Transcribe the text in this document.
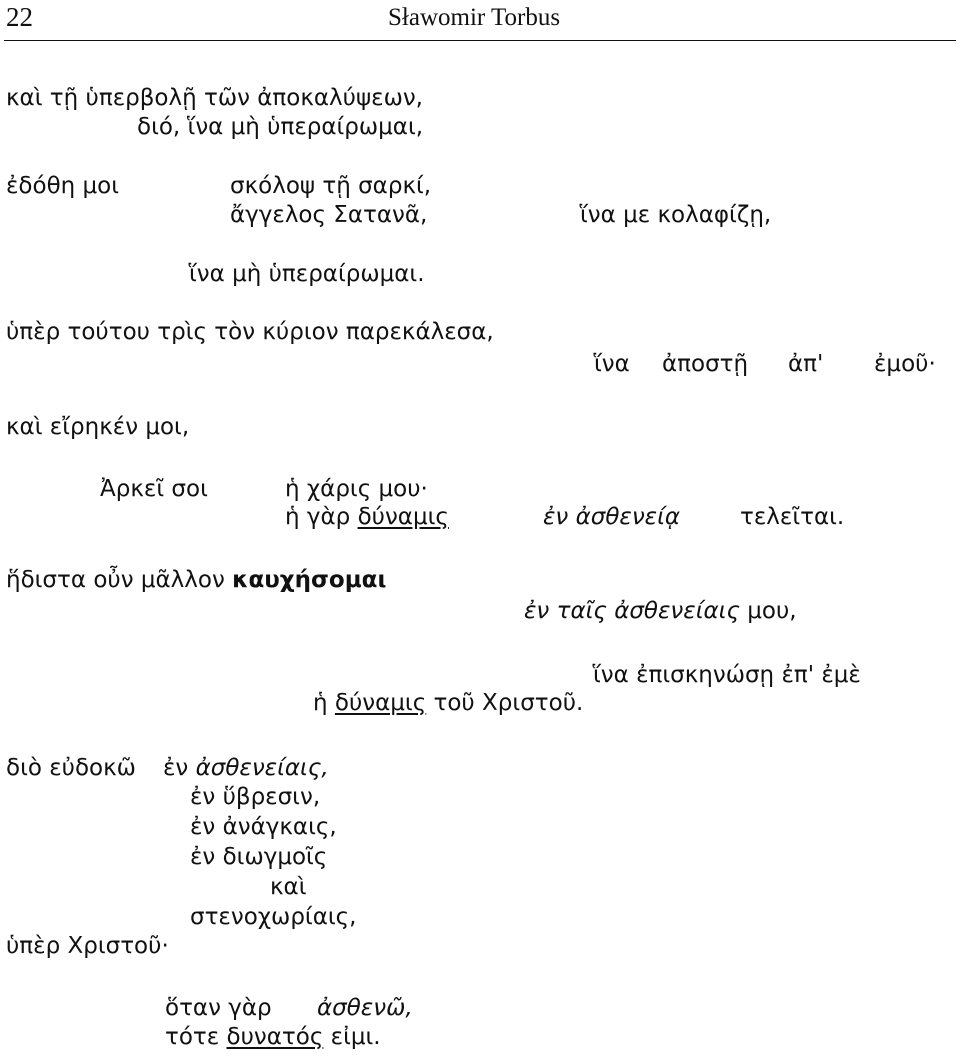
22	Sławomir Torbus
καὶ τῇ ὑπερβολῇ τῶν ἀποκαλύψεων,
διό, ἵνα μὴ ὑπεραίρωμαι,
ἐδόθη μοι	σκόλοψ τῇ σαρκί,
ἄγγελος Σατανᾶ,	ἵνα με κολαφίζῃ,
ἵνα μὴ ὑπεραίρωμαι.
ὑπὲρ τούτου τρὶς τὸν κύριον παρεκάλεσα,
ἵνα ἀποστῇ ἀπ' ἐμοῦ·
καὶ εἴρηκέν μοι,
Ἀρκεῖ σοι	ἡ χάρις μου·
ἡ γὰρ δύναμις	ἐν ἀσθενείᾳ	τελεῖται.
ἥδιστα οὖν μᾶλλον καυχήσομαι
ἐν ταῖς ἀσθενείαις μου,
ἵνα ἐπισκηνώσῃ ἐπ' ἐμὲ
ἡ δύναμις τοῦ Χριστοῦ.
διὸ εὐδοκῶ ἐν ἀσθενείαις,
ἐν ὕβρεσιν,
ἐν ἀνάγκαις,
ἐν διωγμοῖς
καὶ
στενοχωρίαις,
ὑπὲρ Χριστοῦ·
ὅταν γὰρ ἀσθενῶ,
τότε δυνατός εἰμι.
